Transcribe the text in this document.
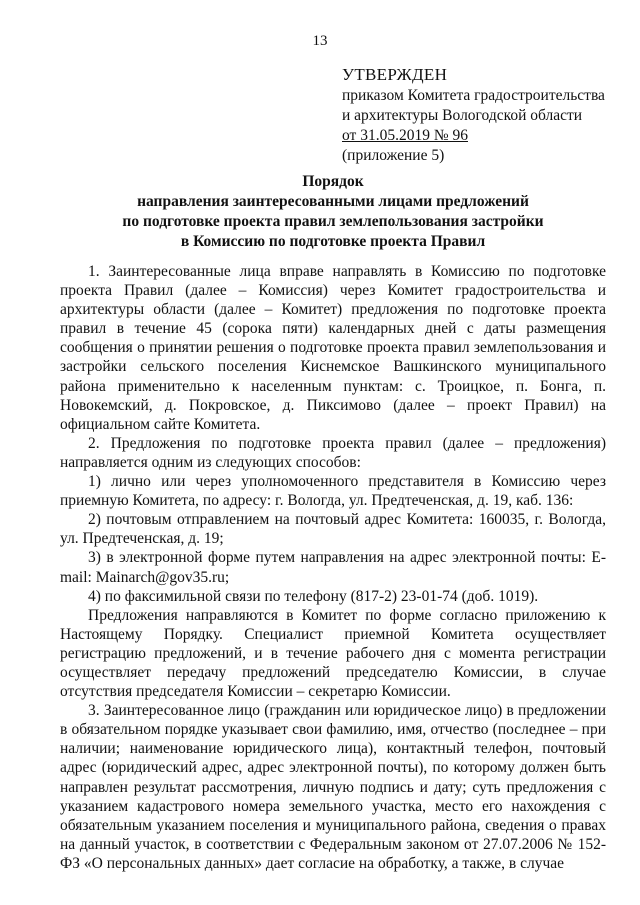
13
УТВЕРЖДЕН
приказом Комитета градостроительства
и архитектуры Вологодской области
от 31.05.2019 № 96
(приложение 5)
Порядок
направления заинтересованными лицами предложений
по подготовке проекта правил землепользования застройки
в Комиссию по подготовке проекта Правил

1. Заинтересованные лица вправе направлять в Комиссию по подготовке проекта Правил (далее – Комиссия) через Комитет градостроительства и архитектуры области (далее – Комитет) предложения по подготовке проекта правил в течение 45 (сорока пяти) календарных дней с даты размещения сообщения о принятии решения о подготовке проекта правил землепользования и застройки сельского поселения Киснемское Вашкинского муниципального района применительно к населенным пунктам: с. Троицкое, п. Бонга, п. Новокемский, д. Покровское, д. Пиксимово (далее – проект Правил) на официальном сайте Комитета.

2. Предложения по подготовке проекта правил (далее – предложения) направляется одним из следующих способов:

1) лично или через уполномоченного представителя в Комиссию через приемную Комитета, по адресу: г. Вологда, ул. Предтеченская, д. 19, каб. 136:

2) почтовым отправлением на почтовый адрес Комитета: 160035, г. Вологда, ул. Предтеченская, д. 19;

3) в электронной форме путем направления на адрес электронной почты: E-mail: Mainarch@gov35.ru;

4) по факсимильной связи по телефону (817-2) 23-01-74 (доб. 1019).

Предложения направляются в Комитет по форме согласно приложению к Настоящему Порядку. Специалист приемной Комитета осуществляет регистрацию предложений, и в течение рабочего дня с момента регистрации осуществляет передачу предложений председателю Комиссии, в случае отсутствия председателя Комиссии – секретарю Комиссии.

3. Заинтересованное лицо (гражданин или юридическое лицо) в предложении в обязательном порядке указывает свои фамилию, имя, отчество (последнее – при наличии; наименование юридического лица), контактный телефон, почтовый адрес (юридический адрес, адрес электронной почты), по которому должен быть направлен результат рассмотрения, личную подпись и дату; суть предложения с указанием кадастрового номера земельного участка, место его нахождения с обязательным указанием поселения и муниципального района, сведения о правах на данный участок, в соответствии с Федеральным законом от 27.07.2006 № 152-ФЗ «О персональных данных» дает согласие на обработку, а также, в случае
